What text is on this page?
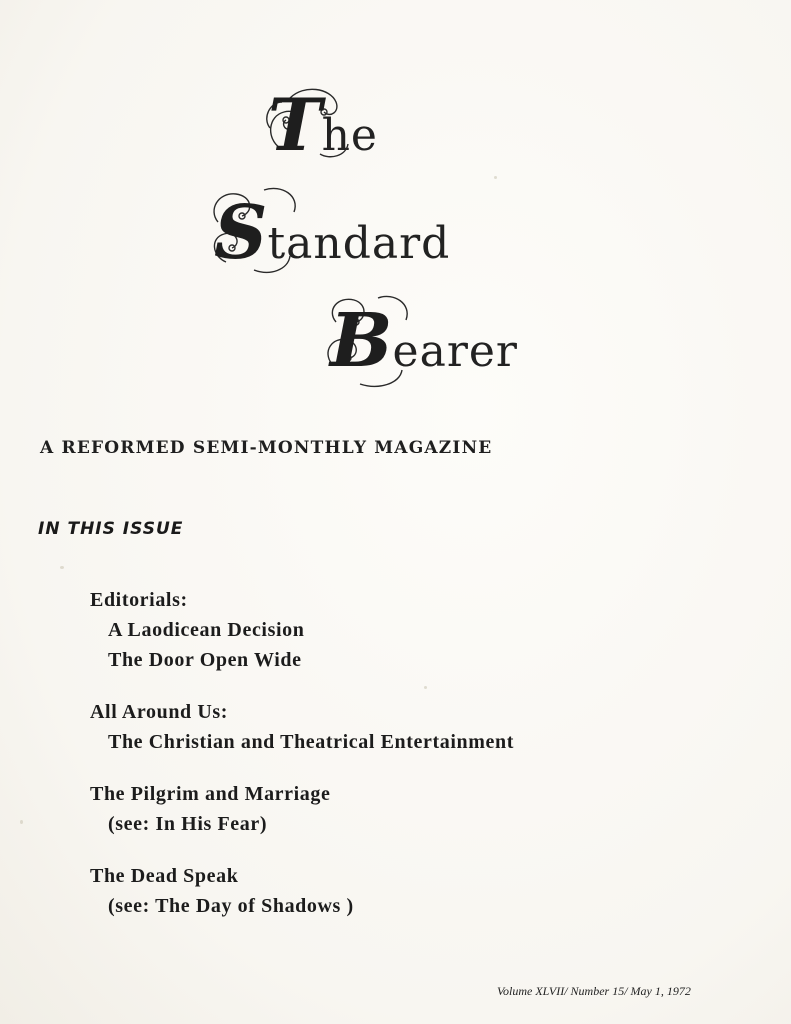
The
Standard
Bearer
A REFORMED SEMI-MONTHLY MAGAZINE
IN THIS ISSUE
Editorials:
A Laodicean Decision
The Door Open Wide
All Around Us:
The Christian and Theatrical Entertainment
The Pilgrim and Marriage
(see: In His Fear)
The Dead Speak
(see: The Day of Shadows )
Volume XLVII/ Number 15/ May 1, 1972
